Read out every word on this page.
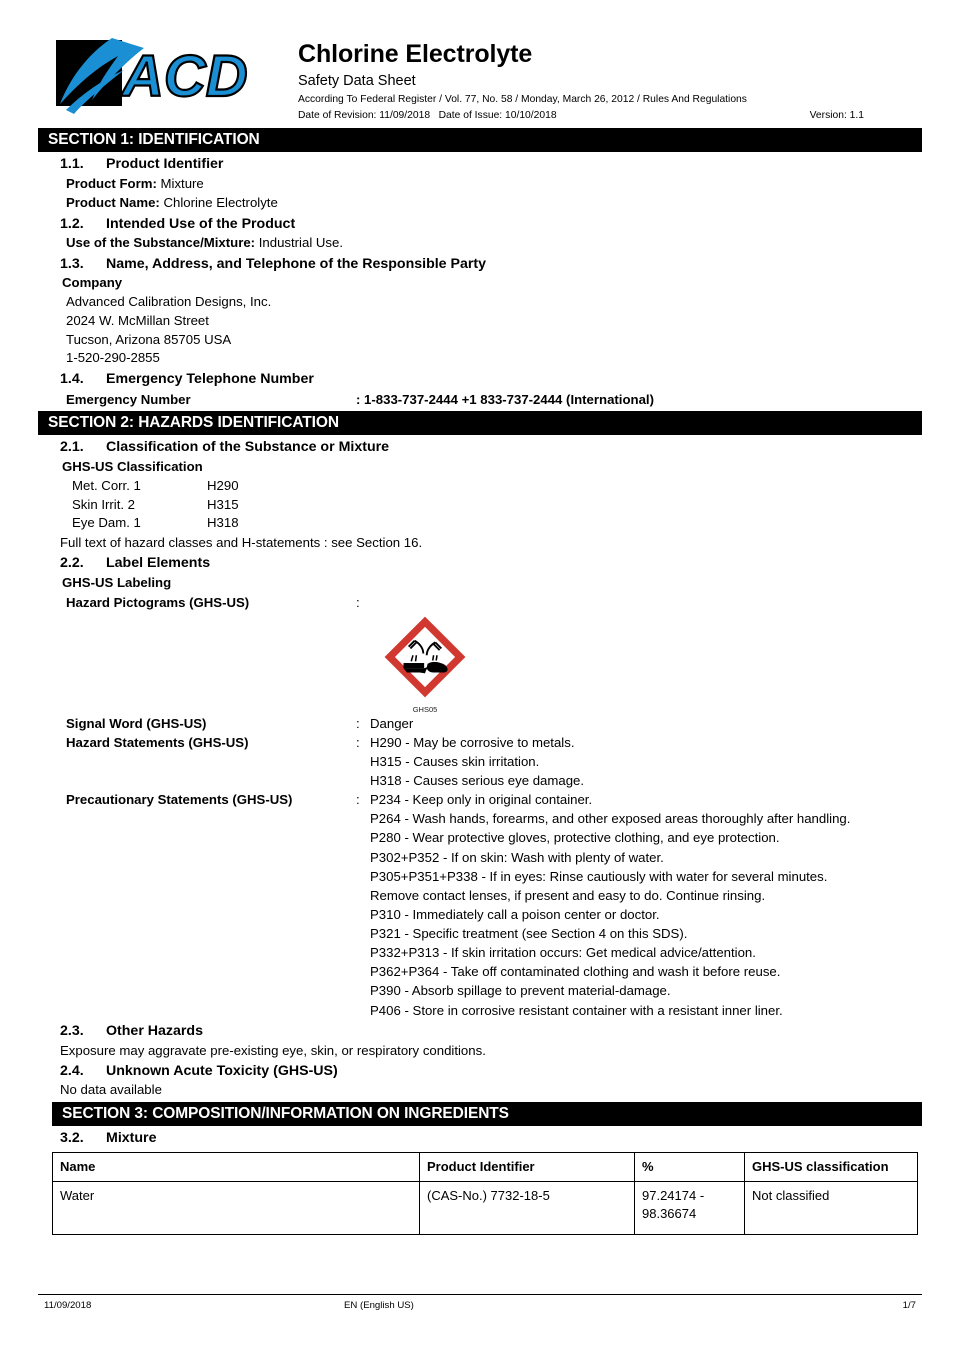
ACD Chlorine Electrolyte
Safety Data Sheet
According To Federal Register / Vol. 77, No. 58 / Monday, March 26, 2012 / Rules And Regulations
Date of Revision: 11/09/2018   Date of Issue: 10/10/2018	Version: 1.1
SECTION 1: IDENTIFICATION
1.1.	Product Identifier
Product Form: Mixture
Product Name: Chlorine Electrolyte
1.2.	Intended Use of the Product
Use of the Substance/Mixture: Industrial Use.
1.3.	Name, Address, and Telephone of the Responsible Party
Company
Advanced Calibration Designs, Inc.
2024 W. McMillan Street
Tucson, Arizona 85705 USA
1-520-290-2855
1.4.	Emergency Telephone Number
Emergency Number	: 1-833-737-2444 +1 833-737-2444 (International)
SECTION 2: HAZARDS IDENTIFICATION
2.1.	Classification of the Substance or Mixture
GHS-US Classification
Met. Corr. 1	H290
Skin Irrit. 2	H315
Eye Dam. 1	H318
Full text of hazard classes and H-statements : see Section 16.
2.2.	Label Elements
GHS-US Labeling
Hazard Pictograms (GHS-US)	:
GHS05
Signal Word (GHS-US)	: Danger
Hazard Statements (GHS-US)	: H290 - May be corrosive to metals.
H315 - Causes skin irritation.
H318 - Causes serious eye damage.
Precautionary Statements (GHS-US)	: P234 - Keep only in original container.
P264 - Wash hands, forearms, and other exposed areas thoroughly after handling.
P280 - Wear protective gloves, protective clothing, and eye protection.
P302+P352 - If on skin: Wash with plenty of water.
P305+P351+P338 - If in eyes: Rinse cautiously with water for several minutes.
Remove contact lenses, if present and easy to do. Continue rinsing.
P310 - Immediately call a poison center or doctor.
P321 - Specific treatment (see Section 4 on this SDS).
P332+P313 - If skin irritation occurs: Get medical advice/attention.
P362+P364 - Take off contaminated clothing and wash it before reuse.
P390 - Absorb spillage to prevent material-damage.
P406 - Store in corrosive resistant container with a resistant inner liner.
2.3.	Other Hazards
Exposure may aggravate pre-existing eye, skin, or respiratory conditions.
2.4.	Unknown Acute Toxicity (GHS-US)
No data available
SECTION 3: COMPOSITION/INFORMATION ON INGREDIENTS
3.2.	Mixture
Name	Product Identifier	%	GHS-US classification
Water	(CAS-No.) 7732-18-5	97.24174 - 98.36674	Not classified
11/09/2018	EN (English US)	1/7
